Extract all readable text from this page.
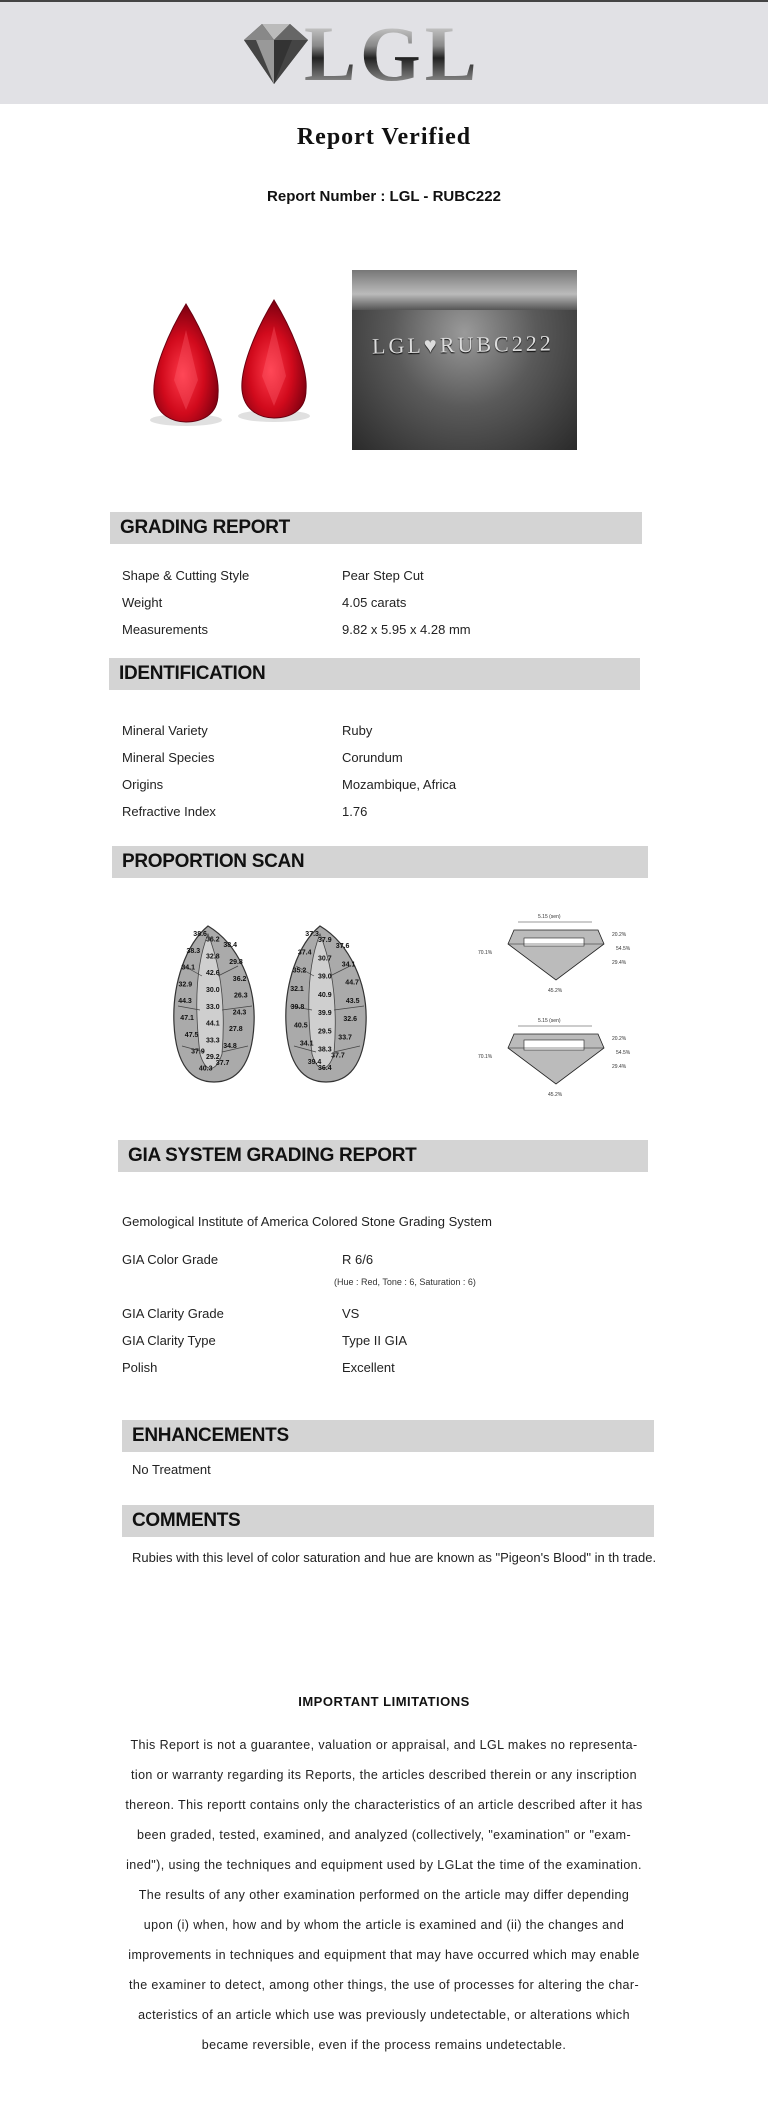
LGL
Report Verified
Report Number : LGL - RUBC222
LGL♥RUBC222
GRADING REPORT
Shape & Cutting Style	Pear Step Cut
Weight	4.05 carats
Measurements	9.82 x 5.95 x 4.28 mm
IDENTIFICATION
Mineral Variety	Ruby
Mineral Species	Corundum
Origins	Mozambique, Africa
Refractive Index	1.76
PROPORTION SCAN
38.6
36.2
38.4
38.3
32.8
29.8
34.1
42.6
36.2
32.9
30.0
26.3
44.3
33.0
24.3
47.1
44.1
27.8
47.5
33.3
34.8
37.9
29.2
37.7
40.3
37.3
37.9
37.6
37.4
30.7
34.1
35.2
39.0
44.7
32.1
40.9
43.5
39.8
39.9
32.6
40.5
29.5
33.7
34.1
38.3
37.7
39.4
36.4
5.15 (sen)
70.1%
20.2%
54.5%
29.4%
45.2%
5.15 (sen)
70.1%
20.2%
54.5%
29.4%
45.2%
GIA SYSTEM GRADING REPORT
Gemological Institute of America Colored Stone Grading System
GIA Color Grade	R 6/6
(Hue : Red, Tone : 6, Saturation : 6)
GIA Clarity Grade	VS
GIA Clarity Type	Type II GIA
Polish	Excellent
ENHANCEMENTS
No Treatment
COMMENTS
Rubies with this level of color saturation and hue are known as "Pigeon's Blood" in th trade.
IMPORTANT LIMITATIONS
This Report is not a guarantee, valuation or appraisal, and LGL makes no representa-
tion or warranty regarding its Reports, the articles described therein or any inscription
thereon. This reportt contains only the characteristics of an article described after it has
been graded, tested, examined, and analyzed (collectively, "examination" or "exam-
ined"), using the techniques and equipment used by LGLat the time of the examination.
The results of any other examination performed on the article may differ depending
upon (i) when, how and by whom the article is examined and (ii) the changes and
improvements in techniques and equipment that may have occurred which may enable
the examiner to detect, among other things, the use of processes for altering the char-
acteristics of an article which use was previously undetectable, or alterations which
became reversible, even if the process remains undetectable.
